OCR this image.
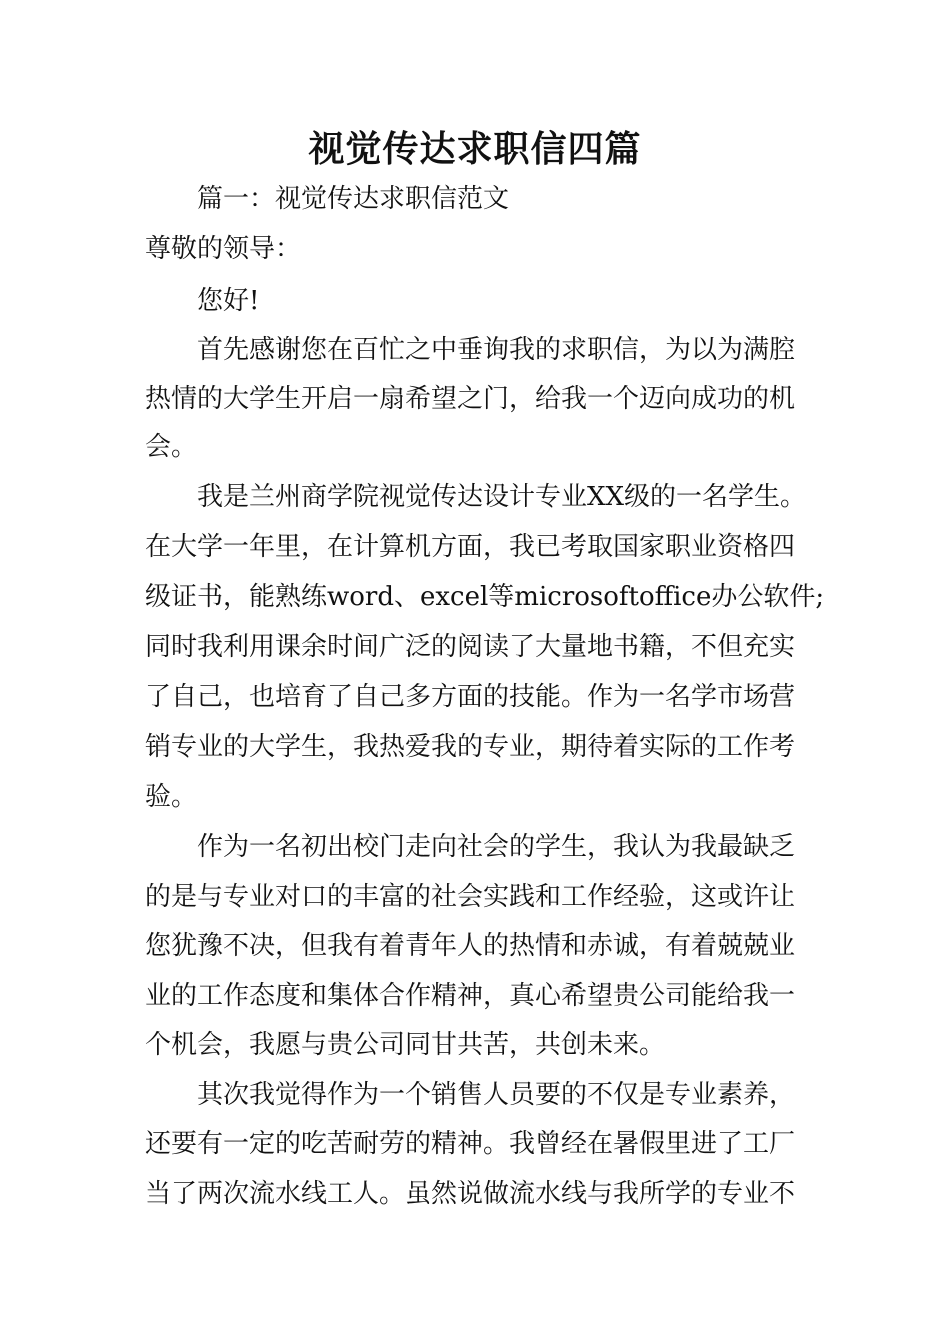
视觉传达求职信四篇
篇一：视觉传达求职信范文
尊敬的领导：
您好!
首先感谢您在百忙之中垂询我的求职信，为以为满腔
热情的大学生开启一扇希望之门，给我一个迈向成功的机
会。
我是兰州商学院视觉传达设计专业XX级的一名学生。
在大学一年里，在计算机方面，我已考取国家职业资格四
级证书，能熟练word、excel等microsoftoffice办公软件;
同时我利用课余时间广泛的阅读了大量地书籍，不但充实
了自己，也培育了自己多方面的技能。作为一名学市场营
销专业的大学生，我热爱我的专业，期待着实际的工作考
验。
作为一名初出校门走向社会的学生，我认为我最缺乏
的是与专业对口的丰富的社会实践和工作经验，这或许让
您犹豫不决，但我有着青年人的热情和赤诚，有着兢兢业
业的工作态度和集体合作精神，真心希望贵公司能给我一
个机会，我愿与贵公司同甘共苦，共创未来。
其次我觉得作为一个销售人员要的不仅是专业素养，
还要有一定的吃苦耐劳的精神。我曾经在暑假里进了工厂
当了两次流水线工人。虽然说做流水线与我所学的专业不
